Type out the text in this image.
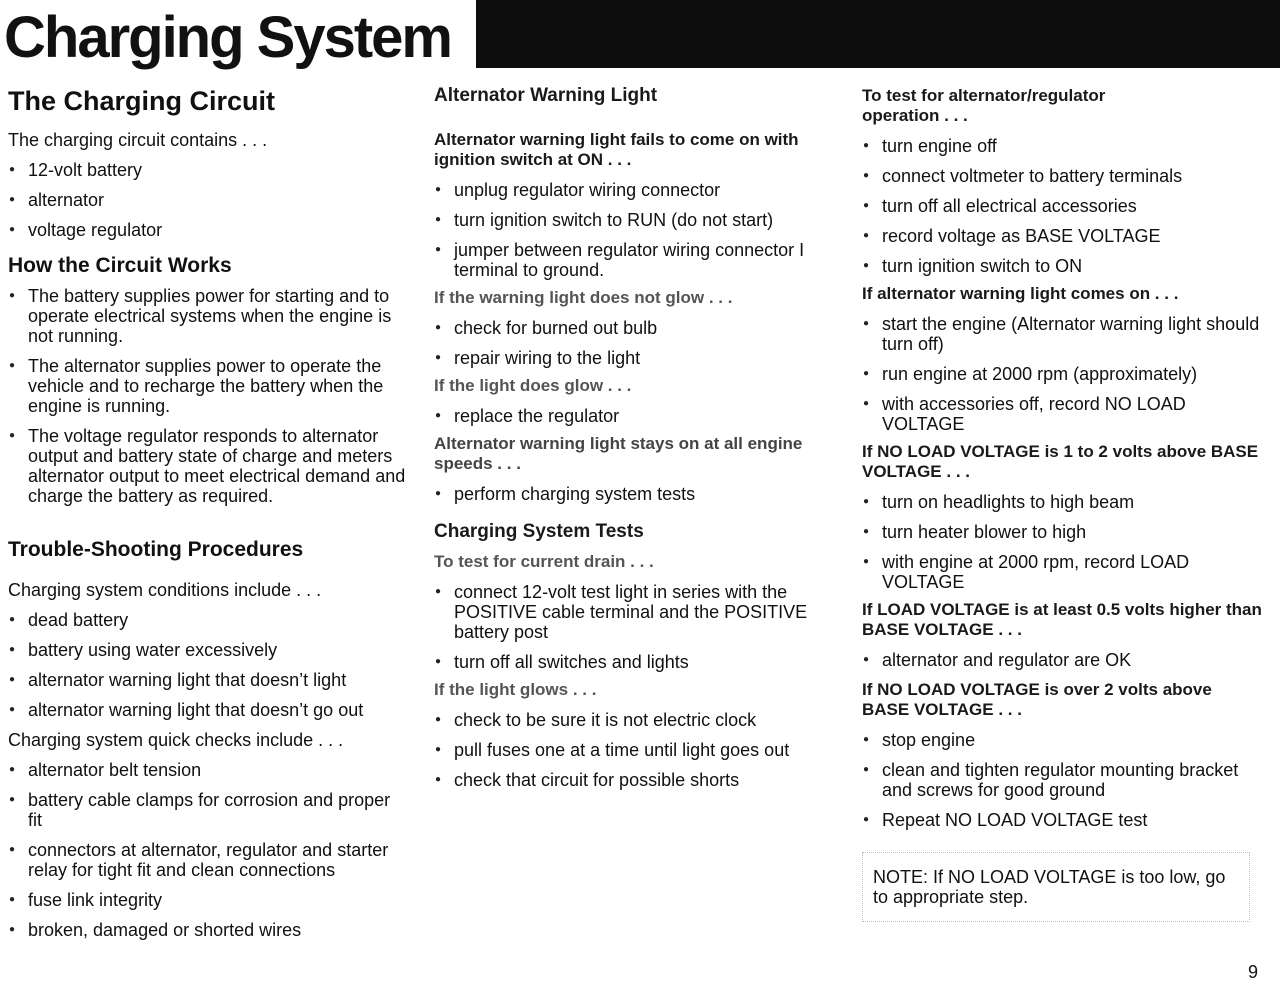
Charging System
The Charging Circuit
The charging circuit contains . . .
● 12-volt battery
● alternator
● voltage regulator
How the Circuit Works
● The battery supplies power for starting and to operate electrical systems when the engine is not running.
● The alternator supplies power to operate the vehicle and to recharge the battery when the engine is running.
● The voltage regulator responds to alternator output and battery state of charge and meters alternator output to meet electrical demand and charge the battery as required.
Trouble-Shooting Procedures
Charging system conditions include . . .
● dead battery
● battery using water excessively
● alternator warning light that doesn’t light
● alternator warning light that doesn’t go out
Charging system quick checks include . . .
● alternator belt tension
● battery cable clamps for corrosion and proper fit
● connectors at alternator, regulator and starter relay for tight fit and clean connections
● fuse link integrity
● broken, damaged or shorted wires
Alternator Warning Light
Alternator warning light fails to come on with ignition switch at ON . . .
● unplug regulator wiring connector
● turn ignition switch to RUN (do not start)
● jumper between regulator wiring connector I terminal to ground.
If the warning light does not glow . . .
● check for burned out bulb
● repair wiring to the light
If the light does glow . . .
● replace the regulator
Alternator warning light stays on at all engine speeds . . .
● perform charging system tests
Charging System Tests
To test for current drain . . .
● connect 12-volt test light in series with the POSITIVE cable terminal and the POSITIVE battery post
● turn off all switches and lights
If the light glows . . .
● check to be sure it is not electric clock
● pull fuses one at a time until light goes out
● check that circuit for possible shorts
To test for alternator/regulator operation . . .
● turn engine off
● connect voltmeter to battery terminals
● turn off all electrical accessories
● record voltage as BASE VOLTAGE
● turn ignition switch to ON
If alternator warning light comes on . . .
● start the engine (Alternator warning light should turn off)
● run engine at 2000 rpm (approximately)
● with accessories off, record NO LOAD VOLTAGE
If NO LOAD VOLTAGE is 1 to 2 volts above BASE VOLTAGE . . .
● turn on headlights to high beam
● turn heater blower to high
● with engine at 2000 rpm, record LOAD VOLTAGE
If LOAD VOLTAGE is at least 0.5 volts higher than BASE VOLTAGE . . .
● alternator and regulator are OK
If NO LOAD VOLTAGE is over 2 volts above BASE VOLTAGE . . .
● stop engine
● clean and tighten regulator mounting bracket and screws for good ground
● Repeat NO LOAD VOLTAGE test
NOTE: If NO LOAD VOLTAGE is too low, go to appropriate step.
9
